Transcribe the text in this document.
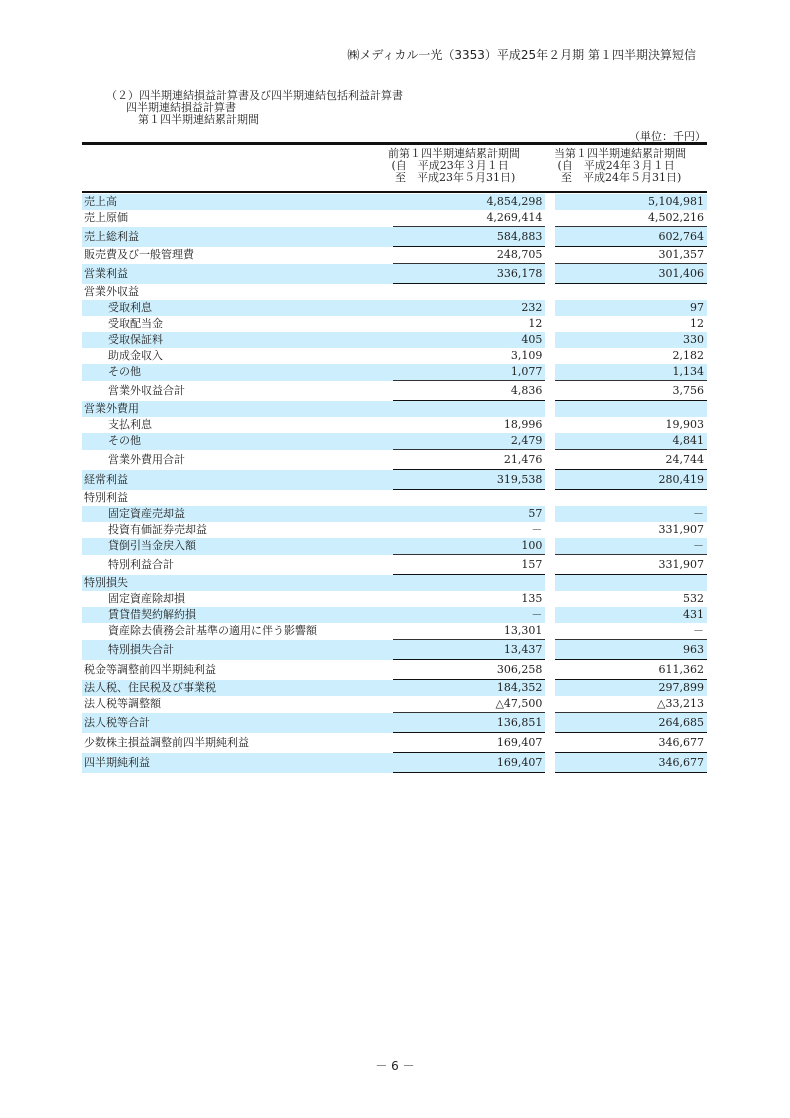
㈱メディカル一光（3353）平成25年２月期 第１四半期決算短信
（２）四半期連結損益計算書及び四半期連結包括利益計算書
四半期連結損益計算書
第１四半期連結累計期間
（単位：千円）
前第１四半期連結累計期間
(自　平成23年３月１日
至　平成23年５月31日)
当第１四半期連結累計期間
(自　平成24年３月１日
至　平成24年５月31日)
売上高	4,854,298		5,104,981
売上原価	4,269,414		4,502,216
売上総利益	584,883		602,764
販売費及び一般管理費	248,705		301,357
営業利益	336,178		301,406
営業外収益			
受取利息	232		97
受取配当金	12		12
受取保証料	405		330
助成金収入	3,109		2,182
その他	1,077		1,134
営業外収益合計	4,836		3,756
営業外費用			
支払利息	18,996		19,903
その他	2,479		4,841
営業外費用合計	21,476		24,744
経常利益	319,538		280,419
特別利益			
固定資産売却益	57		－
投資有価証券売却益	－		331,907
貸倒引当金戻入額	100		－
特別利益合計	157		331,907
特別損失			
固定資産除却損	135		532
賃貸借契約解約損	－		431
資産除去債務会計基準の適用に伴う影響額	13,301		－
特別損失合計	13,437		963
税金等調整前四半期純利益	306,258		611,362
法人税、住民税及び事業税	184,352		297,899
法人税等調整額	△47,500		△33,213
法人税等合計	136,851		264,685
少数株主損益調整前四半期純利益	169,407		346,677
四半期純利益	169,407		346,677
－ 6 －
